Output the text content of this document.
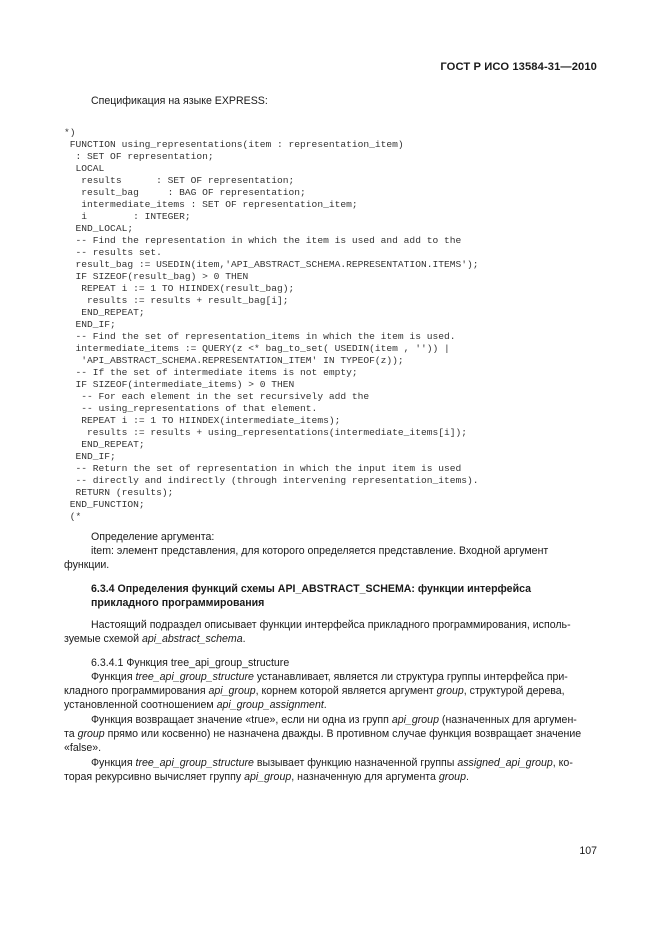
ГОСТ Р ИСО 13584-31—2010
Спецификация на языке EXPRESS:
*)
FUNCTION using_representations(item : representation_item)
: SET OF representation;
LOCAL
results      : SET OF representation;
result_bag     : BAG OF representation;
intermediate_items : SET OF representation_item;
i        : INTEGER;
END_LOCAL;
-- Find the representation in which the item is used and add to the
-- results set.
result_bag := USEDIN(item,'API_ABSTRACT_SCHEMA.REPRESENTATION.ITEMS');
IF SIZEOF(result_bag) > 0 THEN
REPEAT i := 1 TO HIINDEX(result_bag);
results := results + result_bag[i];
END_REPEAT;
END_IF;
-- Find the set of representation_items in which the item is used.
intermediate_items := QUERY(z <* bag_to_set( USEDIN(item , '')) |
'API_ABSTRACT_SCHEMA.REPRESENTATION_ITEM' IN TYPEOF(z));
-- If the set of intermediate items is not empty;
IF SIZEOF(intermediate_items) > 0 THEN
-- For each element in the set recursively add the
-- using_representations of that element.
REPEAT i := 1 TO HIINDEX(intermediate_items);
results := results + using_representations(intermediate_items[i]);
END_REPEAT;
END_IF;
-- Return the set of representation in which the input item is used
-- directly and indirectly (through intervening representation_items).
RETURN (results);
END_FUNCTION;
(*
Определение аргумента:
item: элемент представления, для которого определяется представление. Входной аргумент
функции.
6.3.4 Определения функций схемы API_ABSTRACT_SCHEMA: функции интерфейса
прикладного программирования
Настоящий подраздел описывает функции интерфейса прикладного программирования, исполь-
зуемые схемой api_abstract_schema.
6.3.4.1 Функция tree_api_group_structure
Функция tree_api_group_structure устанавливает, является ли структура группы интерфейса при-
кладного программирования api_group, корнем которой является аргумент group, структурой дерева,
установленной соотношением api_group_assignment.
Функция возвращает значение «true», если ни одна из групп api_group (назначенных для аргумен-
та group прямо или косвенно) не назначена дважды. В противном случае функция возвращает значение
«false».
Функция tree_api_group_structure вызывает функцию назначенной группы assigned_api_group, ко-
торая рекурсивно вычисляет группу api_group, назначенную для аргумента group.
107
